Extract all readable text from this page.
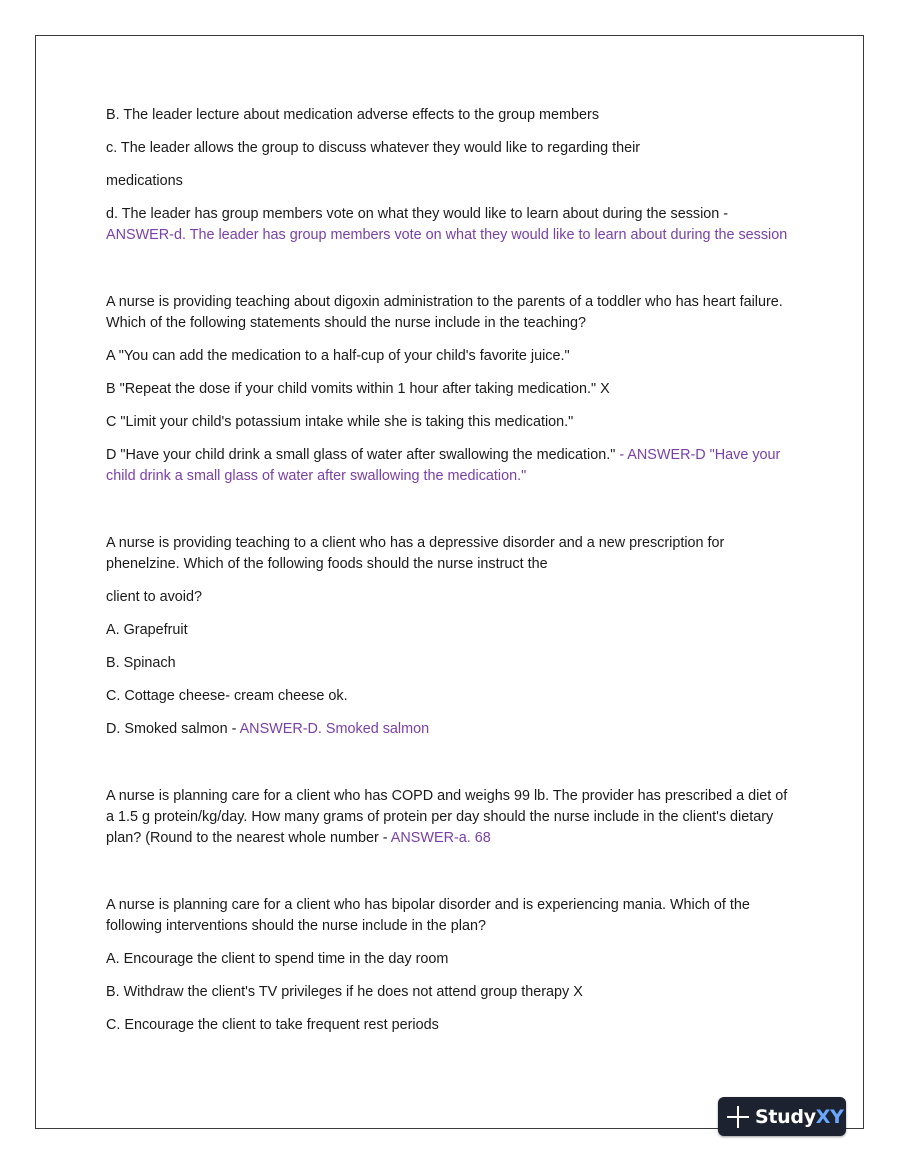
B. The leader lecture about medication adverse effects to the group members
c. The leader allows the group to discuss whatever they would like to regarding their
medications
d. The leader has group members vote on what they would like to learn about during the session - ANSWER-d. The leader has group members vote on what they would like to learn about during the session
A nurse is providing teaching about digoxin administration to the parents of a toddler who has heart failure. Which of the following statements should the nurse include in the teaching?
A "You can add the medication to a half-cup of your child's favorite juice."
B "Repeat the dose if your child vomits within 1 hour after taking medication." X
C "Limit your child's potassium intake while she is taking this medication."
D "Have your child drink a small glass of water after swallowing the medication." - ANSWER-D "Have your child drink a small glass of water after swallowing the medication."
A nurse is providing teaching to a client who has a depressive disorder and a new prescription for phenelzine. Which of the following foods should the nurse instruct the
client to avoid?
A. Grapefruit
B. Spinach
C. Cottage cheese- cream cheese ok.
D. Smoked salmon - ANSWER-D. Smoked salmon
A nurse is planning care for a client who has COPD and weighs 99 lb. The provider has prescribed a diet of a 1.5 g protein/kg/day. How many grams of protein per day should the nurse include in the client's dietary plan? (Round to the nearest whole number - ANSWER-a. 68
A nurse is planning care for a client who has bipolar disorder and is experiencing mania. Which of the following interventions should the nurse include in the plan?
A. Encourage the client to spend time in the day room
B. Withdraw the client's TV privileges if he does not attend group therapy X
C. Encourage the client to take frequent rest periods
StudyXY
